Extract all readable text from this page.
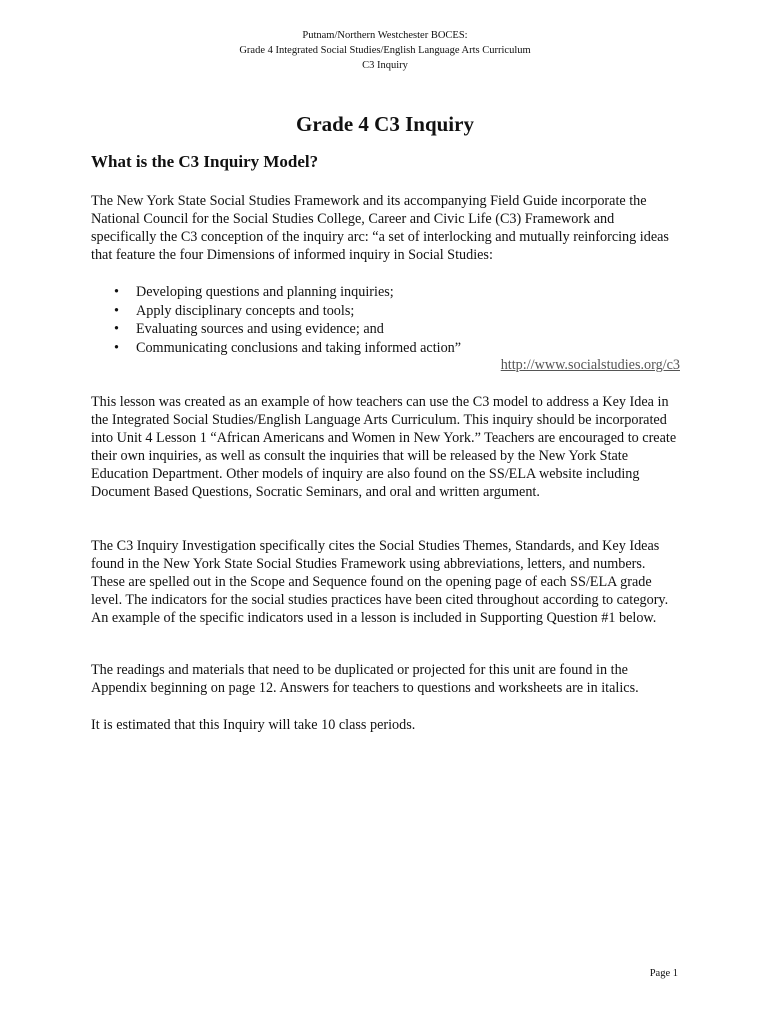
Putnam/Northern Westchester BOCES:
Grade 4 Integrated Social Studies/English Language Arts Curriculum
C3 Inquiry
Grade 4 C3 Inquiry
What is the C3 Inquiry Model?
The New York State Social Studies Framework and its accompanying Field Guide incorporate the National Council for the Social Studies College, Career and Civic Life (C3) Framework and specifically the C3 conception of the inquiry arc: “a set of interlocking and mutually reinforcing ideas that feature the four Dimensions of informed inquiry in Social Studies:
• Developing questions and planning inquiries;
• Apply disciplinary concepts and tools;
• Evaluating sources and using evidence; and
• Communicating conclusions and taking informed action”
http://www.socialstudies.org/c3
This lesson was created as an example of how teachers can use the C3 model to address a Key Idea in the Integrated Social Studies/English Language Arts Curriculum. This inquiry should be incorporated into Unit 4 Lesson 1 “African Americans and Women in New York.” Teachers are encouraged to create their own inquiries, as well as consult the inquiries that will be released by the New York State Education Department. Other models of inquiry are also found on the SS/ELA website including Document Based Questions, Socratic Seminars, and oral and written argument.
The C3 Inquiry Investigation specifically cites the Social Studies Themes, Standards, and Key Ideas found in the New York State Social Studies Framework using abbreviations, letters, and numbers. These are spelled out in the Scope and Sequence found on the opening page of each SS/ELA grade level. The indicators for the social studies practices have been cited throughout according to category. An example of the specific indicators used in a lesson is included in Supporting Question #1 below.
The readings and materials that need to be duplicated or projected for this unit are found in the Appendix beginning on page 12. Answers for teachers to questions and worksheets are in italics.
It is estimated that this Inquiry will take 10 class periods.
Page 1
